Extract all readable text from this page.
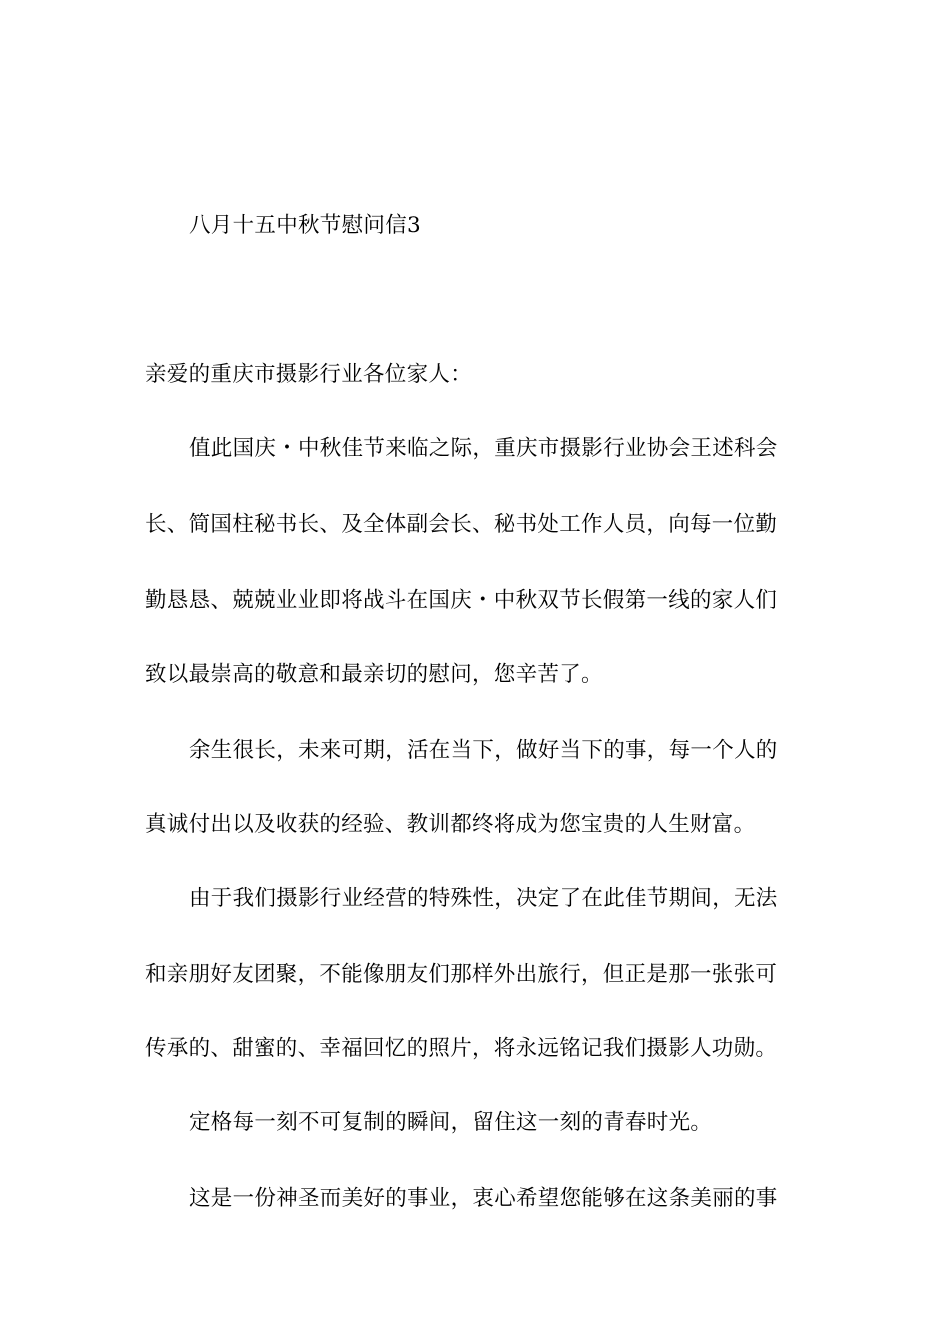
八月十五中秋节慰问信3
亲爱的重庆市摄影行业各位家人：
值此国庆・中秋佳节来临之际，重庆市摄影行业协会王述科会
长、简国柱秘书长、及全体副会长、秘书处工作人员，向每一位勤
勤恳恳、兢兢业业即将战斗在国庆・中秋双节长假第一线的家人们
致以最崇高的敬意和最亲切的慰问，您辛苦了。
余生很长，未来可期，活在当下，做好当下的事，每一个人的
真诚付出以及收获的经验、教训都终将成为您宝贵的人生财富。
由于我们摄影行业经营的特殊性，决定了在此佳节期间，无法
和亲朋好友团聚，不能像朋友们那样外出旅行，但正是那一张张可
传承的、甜蜜的、幸福回忆的照片，将永远铭记我们摄影人功勋。
定格每一刻不可复制的瞬间，留住这一刻的青春时光。
这是一份神圣而美好的事业，衷心希望您能够在这条美丽的事
